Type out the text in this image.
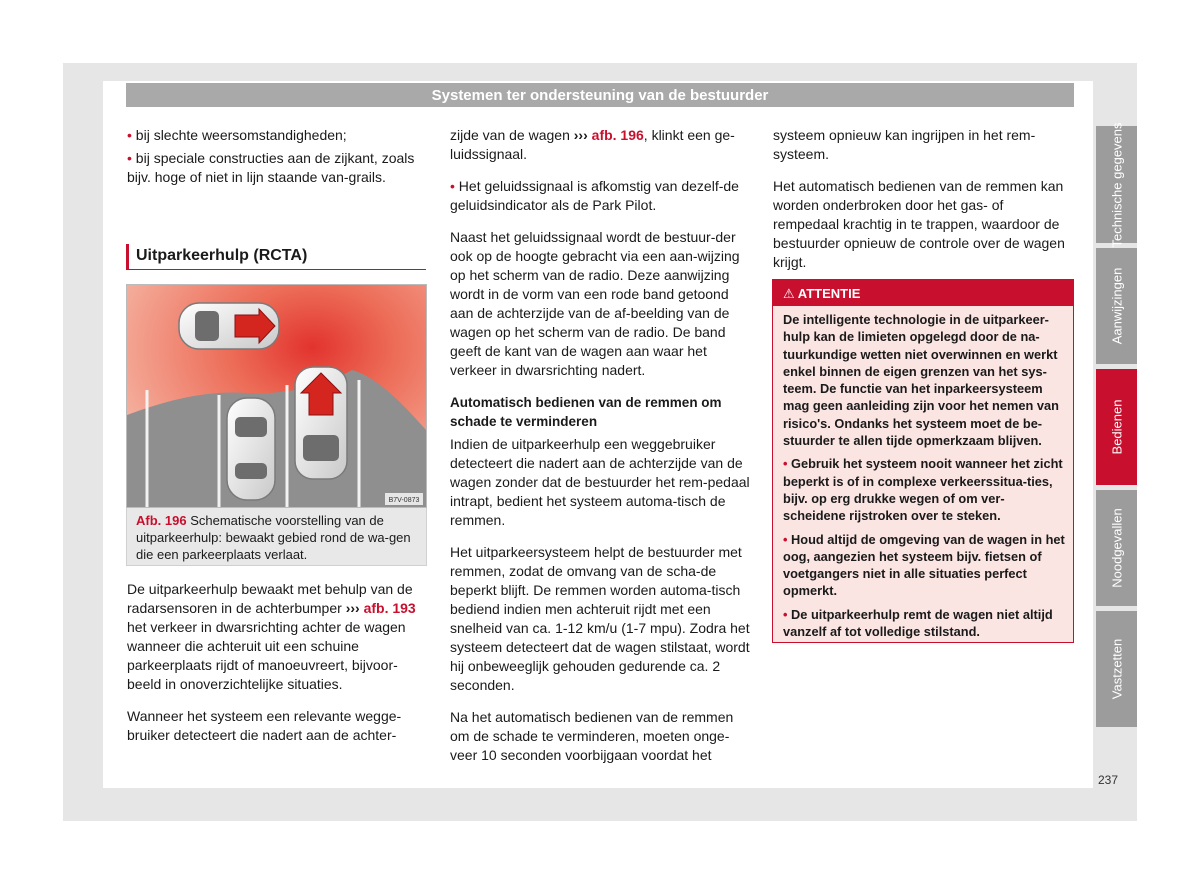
Systemen ter ondersteuning van de bestuurder

• bij slechte weersomstandigheden;

• bij speciale constructies aan de zijkant, zoals bijv. hoge of niet in lijn staande van-grails.

Uitparkeerhulp (RCTA)
B7V-0873
Afb. 196 Schematische voorstelling van de uitparkeerhulp: bewaakt gebied rond de wa-gen die een parkeerplaats verlaat.

De uitparkeerhulp bewaakt met behulp van de radarsensoren in de achterbumper ››› afb. 193 het verkeer in dwarsrichting achter de wagen wanneer die achteruit uit een schuine parkeerplaats rijdt of manoeuvreert, bijvoor-beeld in onoverzichtelijke situaties.

Wanneer het systeem een relevante wegge-bruiker detecteert die nadert aan de achter-

zijde van de wagen ››› afb. 196, klinkt een ge-luidssignaal.

• Het geluidssignaal is afkomstig van dezelf-de geluidsindicator als de Park Pilot.

Naast het geluidssignaal wordt de bestuur-der ook op de hoogte gebracht via een aan-wijzing op het scherm van de radio. Deze aanwijzing wordt in de vorm van een rode band getoond aan de achterzijde van de af-beelding van de wagen op het scherm van de radio. De band geeft de kant van de wagen aan waar het verkeer in dwarsrichting nadert.

Automatisch bedienen van de remmen om schade te verminderen

Indien de uitparkeerhulp een weggebruiker detecteert die nadert aan de achterzijde van de wagen zonder dat de bestuurder het rem-pedaal intrapt, bedient het systeem automa-tisch de remmen.

Het uitparkeersysteem helpt de bestuurder met remmen, zodat de omvang van de scha-de beperkt blijft. De remmen worden automa-tisch bediend indien men achteruit rijdt met een snelheid van ca. 1-12 km/u (1-7 mpu). Zodra het systeem detecteert dat de wagen stilstaat, wordt hij onbeweeglijk gehouden gedurende ca. 2 seconden.

Na het automatisch bedienen van de remmen om de schade te verminderen, moeten onge-veer 10 seconden voorbijgaan voordat het

systeem opnieuw kan ingrijpen in het rem-systeem.

Het automatisch bedienen van de remmen kan worden onderbroken door het gas- of rempedaal krachtig in te trappen, waardoor de bestuurder opnieuw de controle over de wagen krijgt.

⚠ ATTENTIE

De intelligente technologie in de uitparkeer-hulp kan de limieten opgelegd door de na-tuurkundige wetten niet overwinnen en werkt enkel binnen de eigen grenzen van het sys-teem. De functie van het inparkeersysteem mag geen aanleiding zijn voor het nemen van risico's. Ondanks het systeem moet de be-stuurder te allen tijde opmerkzaam blijven.

• Gebruik het systeem nooit wanneer het zicht beperkt is of in complexe verkeerssitua-ties, bijv. op erg drukke wegen of om ver-scheidene rijstroken over te steken.

• Houd altijd de omgeving van de wagen in het oog, aangezien het systeem bijv. fietsen of voetgangers niet in alle situaties perfect opmerkt.

• De uitparkeerhulp remt de wagen niet altijd vanzelf af tot volledige stilstand.

Technische gegevens
Aanwijzingen
Bedienen
Noodgevallen
Vastzetten
237
